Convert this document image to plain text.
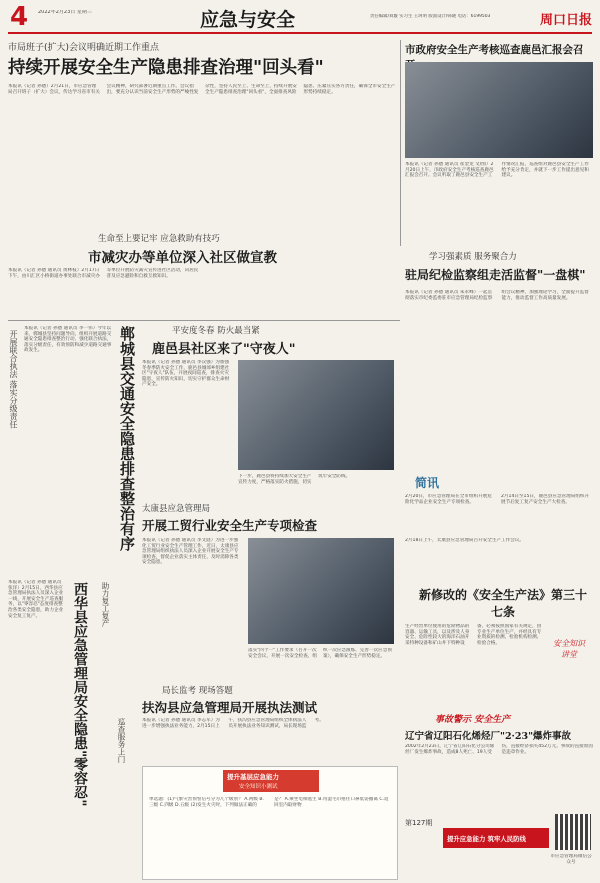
4 2022年2月23日 星期三	应急与安全	责任编辑/刘璇 实习生 王珂明 版面设计/韩晓 电话：6199503	周口日报
市局班子(扩大)会议明确近期工作重点
持续开展安全生产隐患排查治理"回头看"
本报讯（记者 孙德）2月21日，市应急管理局召开班子（扩大）会议，传达学习省市有关会议精神，研究部署近期重点工作。会议指出，要充分认识当前安全生产形势的严峻性复杂性，坚持人民至上、生命至上，持续开展安全生产隐患排查治理"回头看"，全面排查风险隐患，压紧压实各方责任，确保全市安全生产形势持续稳定。
市政府安全生产考核巡查鹿邑汇报会召
本报讯（记者 孙德 通讯员 崔金龙 文/图）2月20日上午，市政府安全生产考核巡查鹿邑汇报会召开。会议听取了鹿邑县安全生产工作情况汇报，巡查组对鹿邑县安全生产工作给予充分肯定，并就下一步工作提出意见和建议。
生命至上要记牢 应急救助有技巧
市减灾办等单位深入社区做宣教
本报讯（记者 孙德 通讯员 黄林枝）2月17日下午，由川汇区小桥街道办事处联合市减灾办等单位开展防灾减灾宣传进社区活动，向居民普及应急避险和自救互救知识。
学习强素质 服务聚合力
驻局纪检监察组走活监督"一盘棋"
本报讯（记者 孙德 通讯员 朱永峰）一起贯彻落实市纪委监委驻市应急管理局纪检监察组会议精神，加强理论学习，全面提升监督能力，推动监督工作高质量发展。
郸城县交通安全隐患排查整治有序
开展联合执法 落实分级责任
本报讯（记者 孙德 通讯员 李一伟）今年以来，郸城县坚持问题导向，组织开展道路交通安全隐患排查整治行动，强化联合执法，落实分级责任，有效预防和减少道路交通事故发生。
平安度冬春 防火最当紧
鹿邑县社区来了"守夜人"
本报讯（记者 孙德 通讯员 李汉强）为加强冬春季防火安全工作，鹿邑县城郊乡组建社区"守夜人"队伍，开展夜间巡查，排查火灾隐患，宣传防火知识，切实守护群众生命财产安全。
下一步，鹿邑县将持续加大安全生产宣传力度，严格落实防火措施，切实筑牢安全防线。
太康县应急管理局
开展工贸行业安全生产专项检查
本报讯（记者 孙德 通讯员 李文庭）为进一步强化工贸行业安全生产管理工作，近日，太康县应急管理局组织执法人员深入企业开展安全生产专项检查，督促企业落实主体责任，及时消除各类安全隐患。
落实"四个一"工作要求（召开一次安全会议、开展一次安全检查、组织一次应急演练、完善一次应急预案），确保安全生产形势稳定。
本报讯（记者 孙德 通讯员 张洋）2月15日，西华县应急管理局执法人员深入企业一线，开展安全生产巡查服务，以"零容忍"态度排查整治各类安全隐患，助力企业安全复工复产。	西华县应急管理局安全隐患"零容忍" 助力复工复产
巡查服务上门
局长监考 现场答题
扶沟县应急管理局开展执法测试
本报讯（记者 孙德 通讯员 李志军）为进一步增强执法业务能力，2月15日上午，扶沟县应急管理局组织全体执法人员开展执法业务知识测试，局长现场监考。
提升基层应急能力
安全知识小测试
单选题：(1)气象灾害预警信号分为几个级别？ A.两级 B.三级 C.四级 D.五级 (2)发生火灾时，下列做法正确的是？ A.乘坐电梯逃生 B.用湿毛巾捂住口鼻低姿撤离 C.返回室内取财物
简讯
2月20日，市应急管理局在全市组织开展危险化学品企业安全生产专项检查。
2月14日至15日，鹿邑县应急管理局组织开展节后复工复产安全生产大检查。
2月18日上午，太康县应急管理局召开安全生产工作会议。
新修改的《安全生产法》第三十七条
生产经营单位使用的危险物品的容器、运输工具，以及涉及人身安全、危险性较大的海洋石油开采特种设备和矿山井下特种设备，必须按照国家有关规定，由专业生产单位生产，并经具有专业资质的检测、检验机构检测、检验合格。	安全知识 讲堂
事故警示 安全生产
辽宁省辽阳石化烯烃厂"2·23"爆炸事故
2002年2月23日，辽宁省辽阳石化分公司烯烃厂发生爆炸事故，造成8人死亡、19人受伤，直接经济损失452万元。事故的直接原因是违章作业。
第127期
提升应急能力 筑牢人民防线
市应急管理局微信公众号
